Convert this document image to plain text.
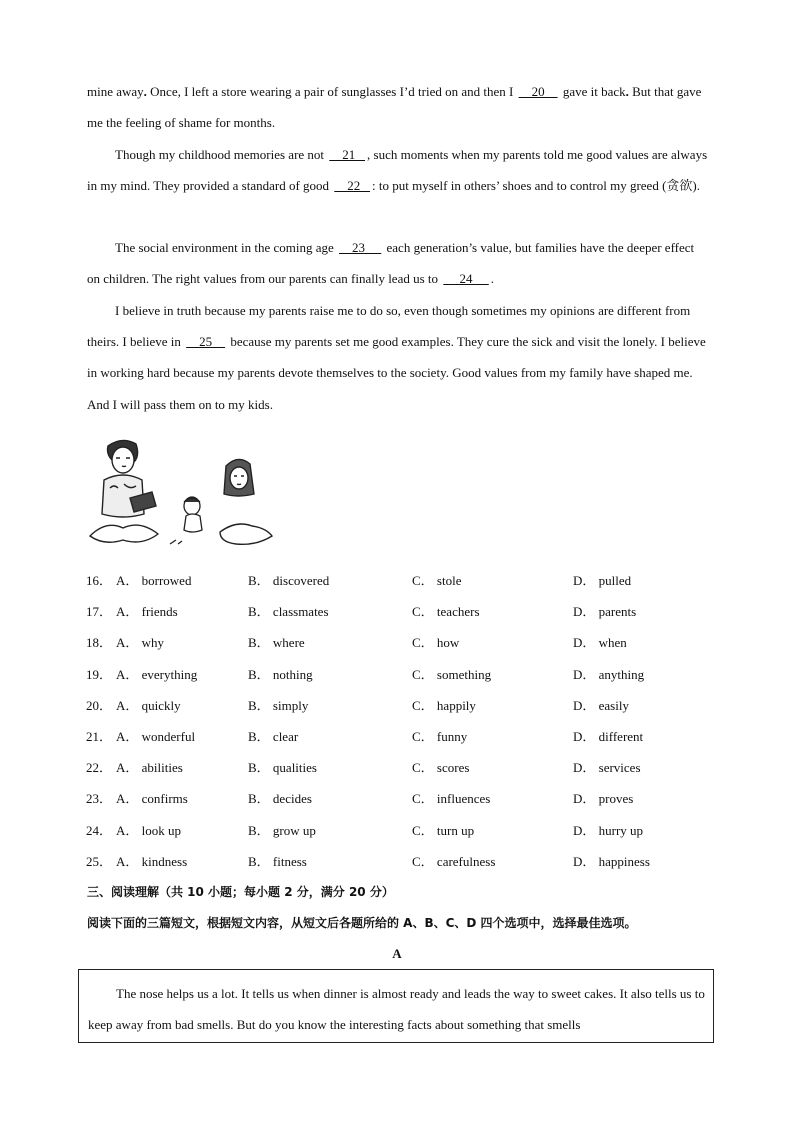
mine away. Once, I left a store wearing a pair of sunglasses I’d tried on and then I     20     gave it back. But that gave me the feeling of shame for months.

Though my childhood memories are not     21   , such moments when my parents told me good values are always in my mind. They provided a standard of good     22   : to put myself in others’ shoes and to control my greed (贪欲).

The social environment in the coming age     23      each generation’s value, but families have the deeper effect on children. The right values from our parents can finally lead us to      24     .

I believe in truth because my parents raise me to do so, even though sometimes my opinions are different from theirs. I believe in     25     because my parents set me good examples. They cure the sick and visit the lonely. I believe in working hard because my parents devote themselves to the society. Good values from my family have shaped me. And I will pass them on to my kids.

16． A． borrowed	B． discovered	C． stole	D． pulled
17． A． friends	B． classmates	C． teachers	D． parents
18． A． why	B． where	C． how	D． when
19． A． everything	B． nothing	C． something	D． anything
20． A． quickly	B． simply	C． happily	D． easily
21． A． wonderful	B． clear	C． funny	D． different
22． A． abilities	B． qualities	C． scores	D． services
23． A． confirms	B． decides	C． influences	D． proves
24． A． look up	B． grow up	C． turn up	D． hurry up
25． A． kindness	B． fitness	C． carefulness	D． happiness
三、阅读理解（共 10 小题；每小题 2 分，满分 20 分）
阅读下面的三篇短文，根据短文内容，从短文后各题所给的 A、B、C、D 四个选项中，选择最佳选项。
A

The nose helps us a lot. It tells us when dinner is almost ready and leads the way to sweet cakes. It also tells us to keep away from bad smells. But do you know the interesting facts about something that smells
